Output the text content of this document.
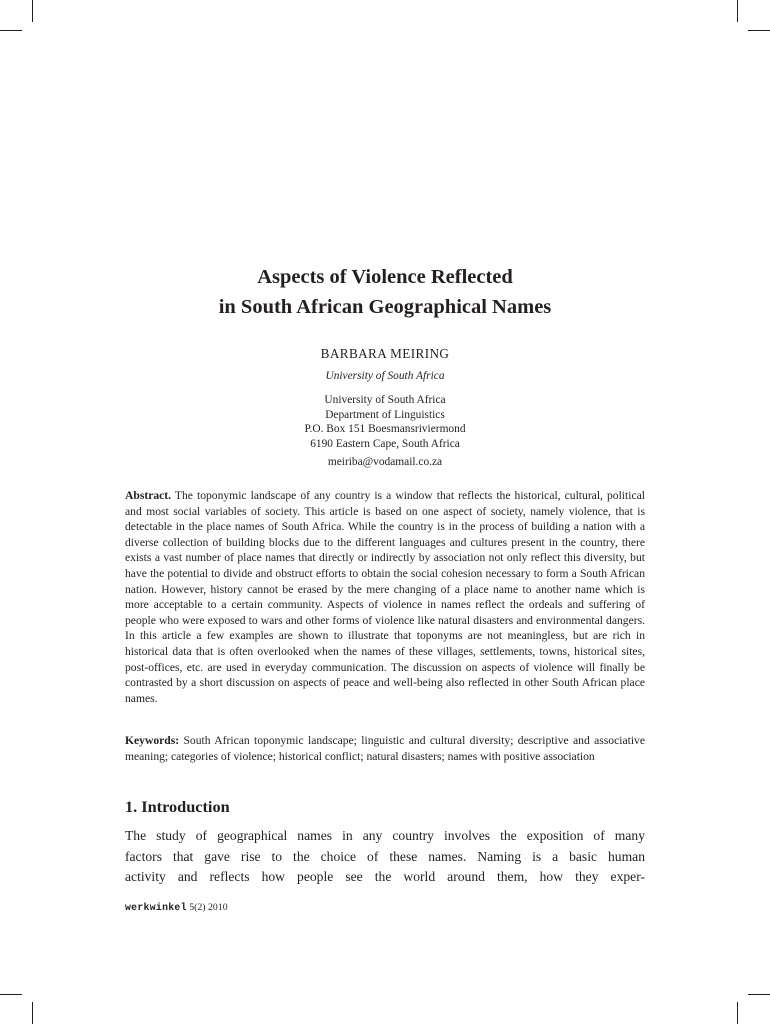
Aspects of Violence Reflected
in South African Geographical Names
BARBARA MEIRING
University of South Africa
University of South Africa
Department of Linguistics
P.O. Box 151 Boesmansriviermond
6190 Eastern Cape, South Africa
meiriba@vodamail.co.za
Abstract. The toponymic landscape of any country is a window that reflects the historical, cultural, political and most social variables of society. This article is based on one aspect of society, namely violence, that is detectable in the place names of South Africa. While the country is in the process of building a nation with a diverse collection of building blocks due to the different languages and cultures present in the country, there exists a vast number of place names that directly or indirectly by association not only reflect this diversity, but have the potential to divide and obstruct efforts to obtain the social cohesion necessary to form a South African nation. However, history cannot be erased by the mere changing of a place name to another name which is more acceptable to a certain community. Aspects of violence in names reflect the ordeals and suffering of people who were exposed to wars and other forms of violence like natural disasters and environmental dangers. In this article a few examples are shown to illustrate that toponyms are not meaningless, but are rich in historical data that is often overlooked when the names of these villages, settlements, towns, historical sites, post-offices, etc. are used in everyday communication. The discussion on aspects of violence will finally be contrasted by a short discussion on aspects of peace and well-being also reflected in other South African place names.
Keywords: South African toponymic landscape; linguistic and cultural diversity; descriptive and associative meaning; categories of violence; historical conflict; natural disasters; names with positive association
1. Introduction
The study of geographical names in any country involves the exposition of many
factors that gave rise to the choice of these names. Naming is a basic human
activity and reflects how people see the world around them, how they exper-
werkwinkel 5(2) 2010
